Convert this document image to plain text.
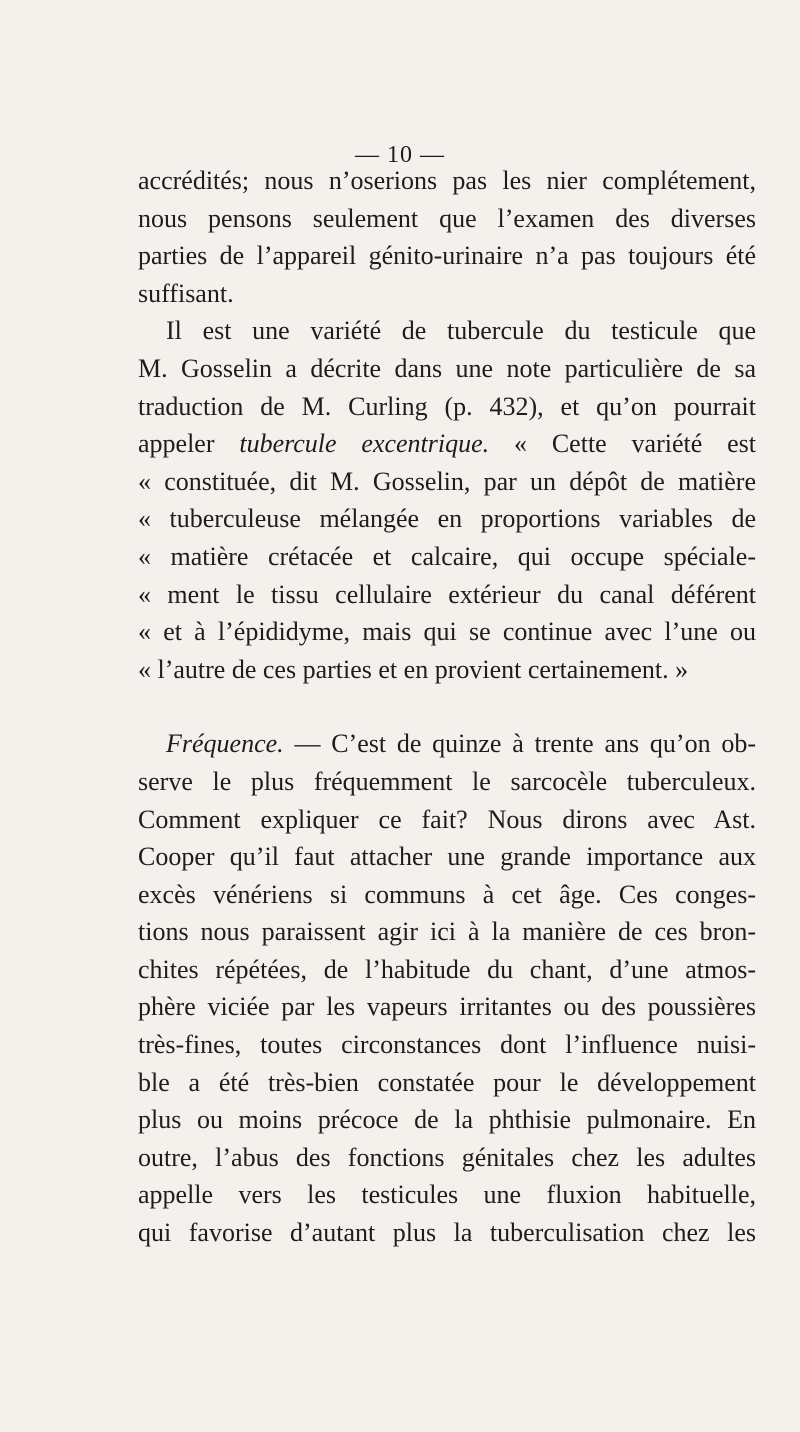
— 10 —
accrédités; nous n’oserions pas les nier complétement,
nous pensons seulement que l’examen des diverses
parties de l’appareil génito-urinaire n’a pas toujours été
suffisant.
Il est une variété de tubercule du testicule que
M. Gosselin a décrite dans une note particulière de sa
traduction de M. Curling (p. 432), et qu’on pourrait
appeler tubercule excentrique. « Cette variété est
« constituée, dit M. Gosselin, par un dépôt de matière
« tuberculeuse mélangée en proportions variables de
« matière crétacée et calcaire, qui occupe spéciale-
« ment le tissu cellulaire extérieur du canal déférent
« et à l’épididyme, mais qui se continue avec l’une ou
« l’autre de ces parties et en provient certainement. »
Fréquence. — C’est de quinze à trente ans qu’on ob-
serve le plus fréquemment le sarcocèle tuberculeux.
Comment expliquer ce fait? Nous dirons avec Ast.
Cooper qu’il faut attacher une grande importance aux
excès vénériens si communs à cet âge. Ces conges-
tions nous paraissent agir ici à la manière de ces bron-
chites répétées, de l’habitude du chant, d’une atmos-
phère viciée par les vapeurs irritantes ou des poussières
très-fines, toutes circonstances dont l’influence nuisi-
ble a été très-bien constatée pour le développement
plus ou moins précoce de la phthisie pulmonaire. En
outre, l’abus des fonctions génitales chez les adultes
appelle vers les testicules une fluxion habituelle,
qui favorise d’autant plus la tuberculisation chez les
